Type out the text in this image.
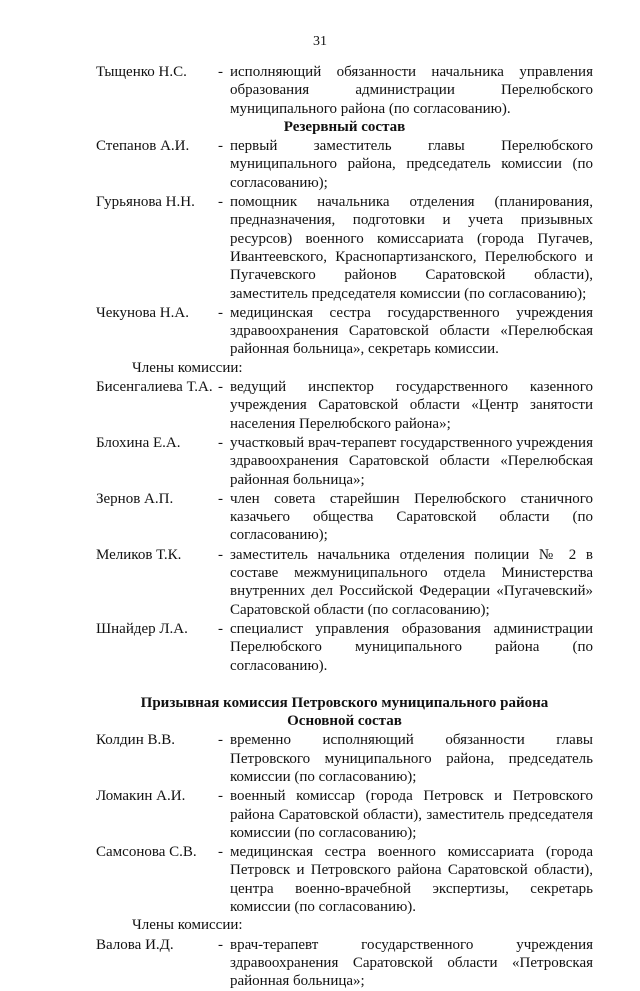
31
Тыщенко Н.С.	- исполняющий обязанности начальника управления образования администрации Перелюбского муниципального района (по согласованию).
Резервный состав
Степанов А.И.	- первый заместитель главы Перелюбского муниципального района, председатель комиссии (по согласованию);
Гурьянова Н.Н.	- помощник начальника отделения (планирования, предназначения, подготовки и учета призывных ресурсов) военного комиссариата (города Пугачев, Ивантеевского, Краснопартизанского, Перелюбского и Пугачевского районов Саратовской области), заместитель председателя комиссии (по согласованию);
Чекунова Н.А.	- медицинская сестра государственного учреждения здравоохранения Саратовской области «Перелюбская районная больница», секретарь комиссии.
Члены комиссии:
Бисенгалиева Т.А. - ведущий инспектор государственного казенного учреждения Саратовской области «Центр занятости населения Перелюбского района»;
Блохина Е.А.	- участковый врач-терапевт государственного учреждения здравоохранения Саратовской области «Перелюбская районная больница»;
Зернов А.П.	- член совета старейшин Перелюбского станичного казачьего общества Саратовской области (по согласованию);
Меликов Т.К.	- заместитель начальника отделения полиции № 2 в составе межмуниципального отдела Министерства внутренних дел Российской Федерации «Пугачевский» Саратовской области (по согласованию);
Шнайдер Л.А.	- специалист управления образования администрации Перелюбского муниципального района (по согласованию).
Призывная комиссия Петровского муниципального района
Основной состав
Колдин В.В.	- временно исполняющий обязанности главы Петровского муниципального района, председатель комиссии (по согласованию);
Ломакин А.И.	- военный комиссар (города Петровск и Петровского района Саратовской области), заместитель председателя комиссии (по согласованию);
Самсонова С.В.	- медицинская сестра военного комиссариата (города Петровск и Петровского района Саратовской области), центра военно-врачебной экспертизы, секретарь комиссии (по согласованию).
Члены комиссии:
Валова И.Д.	- врач-терапевт государственного учреждения здравоохранения Саратовской области «Петровская районная больница»;
